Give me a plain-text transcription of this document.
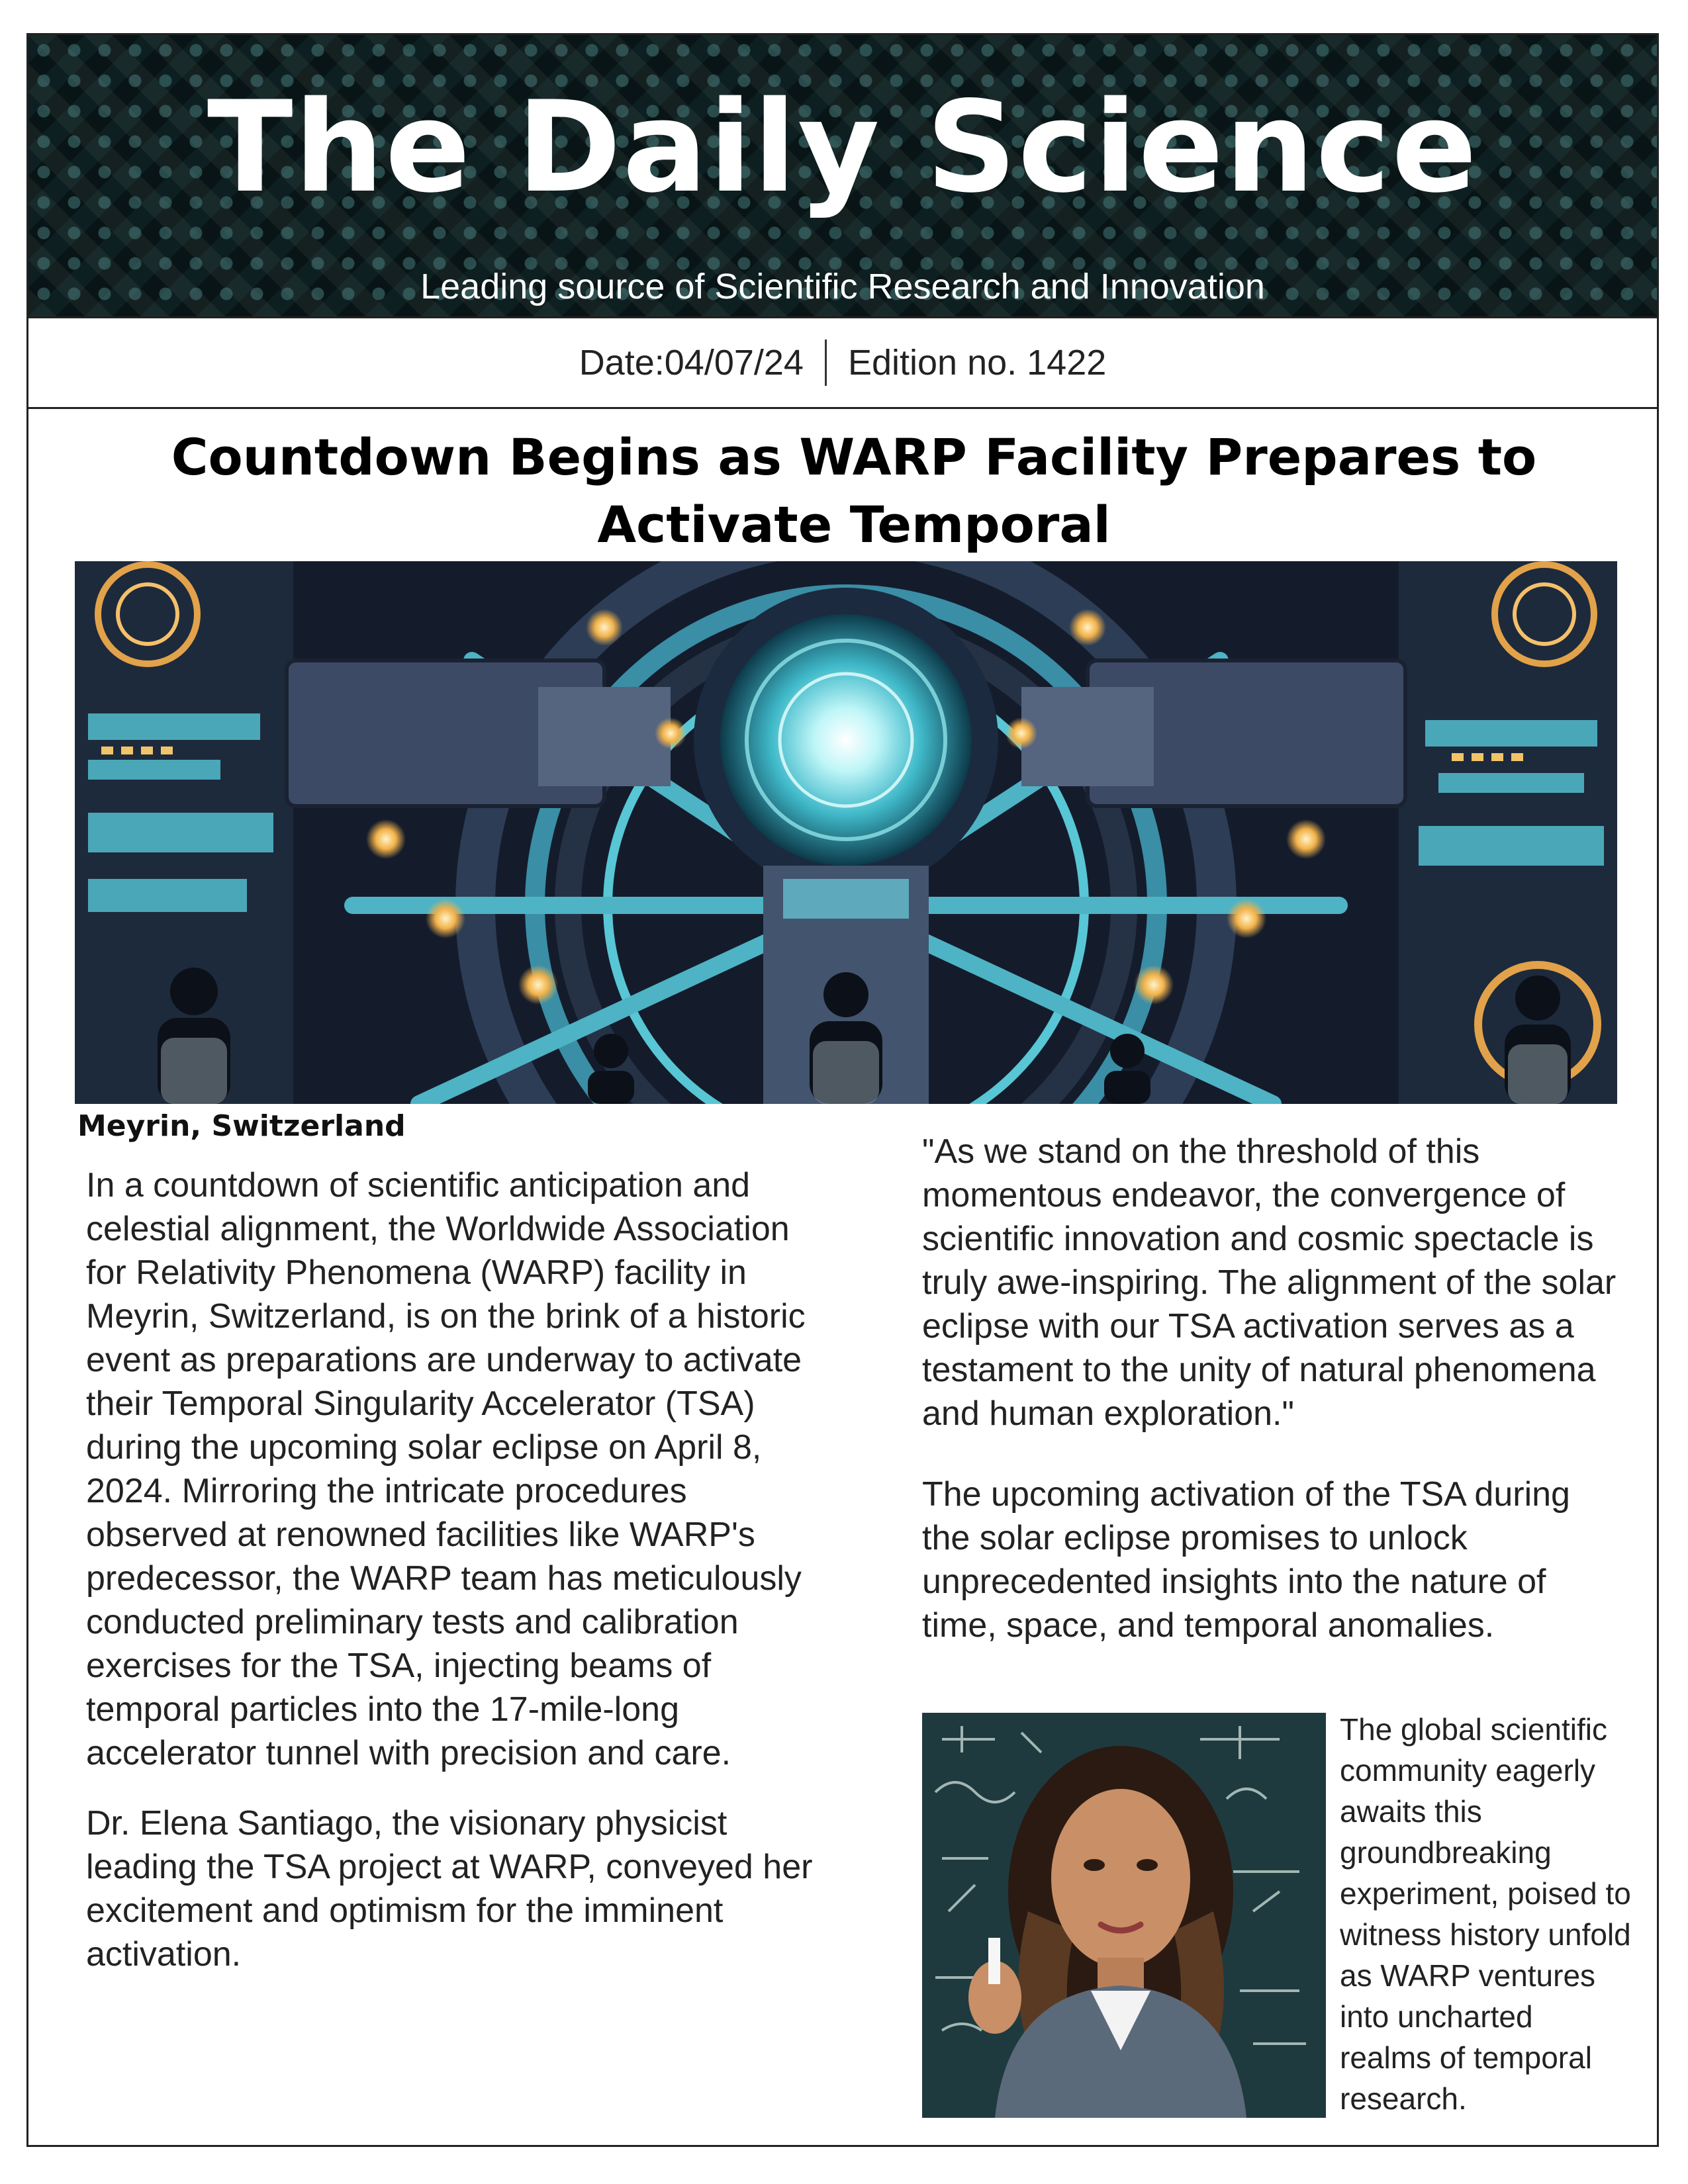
The Daily Science
Leading source of Scientific Research and Innovation
Date:04/07/24 Edition no. 1422
Countdown Begins as WARP Facility Prepares to Activate Temporal

Meyrin, Switzerland

In a countdown of scientific anticipation and celestial alignment, the Worldwide Association for Relativity Phenomena (WARP) facility in Meyrin, Switzerland, is on the brink of a historic event as preparations are underway to activate their Temporal Singularity Accelerator (TSA) during the upcoming solar eclipse on April 8, 2024. Mirroring the intricate procedures observed at renowned facilities like WARP's predecessor, the WARP team has meticulously conducted preliminary tests and calibration exercises for the TSA, injecting beams of temporal particles into the 17-mile-long accelerator tunnel with precision and care.

Dr. Elena Santiago, the visionary physicist leading the TSA project at WARP, conveyed her excitement and optimism for the imminent activation.

"As we stand on the threshold of this momentous endeavor, the convergence of scientific innovation and cosmic spectacle is truly awe-inspiring. The alignment of the solar eclipse with our TSA activation serves as a testament to the unity of natural phenomena and human exploration."

The upcoming activation of the TSA during the solar eclipse promises to unlock unprecedented insights into the nature of time, space, and temporal anomalies.

The global scientific community eagerly awaits this groundbreaking experiment, poised to witness history unfold as WARP ventures into uncharted realms of temporal research.
